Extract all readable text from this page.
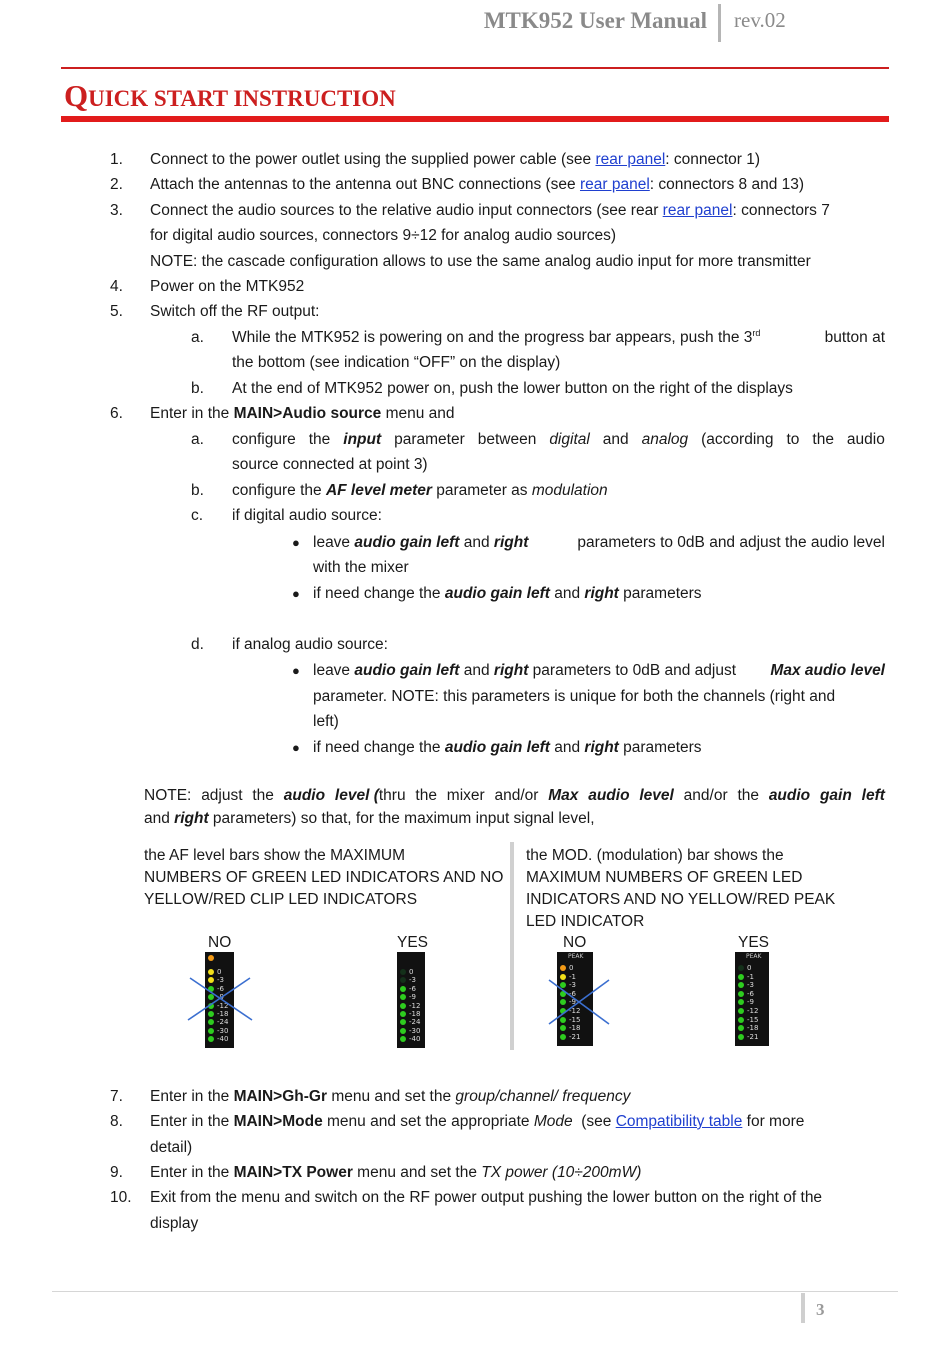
MTK952 User Manual rev.02
QUICK START INSTRUCTION
1. Connect to the power outlet using the supplied power cable (see rear panel: connector 1)
2. Attach the antennas to the antenna out BNC connections (see rear panel: connectors 8 and 13)
3. Connect the audio sources to the relative audio input connectors (see rear rear panel: connectors 7
for digital audio sources, connectors 9÷12 for analog audio sources)
NOTE: the cascade configuration allows to use the same analog audio input for more transmitter
4. Power on the MTK952
5. Switch off the RF output:
a. While the MTK952 is powering on and the progress bar appears, push the 3rd	button at
the bottom (see indication “OFF” on the display)
b. At the end of MTK952 power on, push the lower button on the right of the displays
6. Enter in the MAIN>Audio source menu and
a. configure the input parameter between digital and analog (according to the audio
source connected at point 3)
b. configure the AF level meter parameter as modulation
c. if digital audio source:
● leave audio gain left and right	parameters to 0dB and adjust the audio level
with the mixer
● if need change the audio gain left and right parameters
d. if analog audio source:
● leave audio gain left and right parameters to 0dB and adjust Max audio level
parameter. NOTE: this parameters is unique for both the channels (right and
left)
● if need change the audio gain left and right parameters
NOTE: adjust the audio level (thru the mixer and/or Max audio level and/or the audio gain left
and right parameters) so that, for the maximum input signal level,
the AF level bars show the MAXIMUM
NUMBERS OF GREEN LED INDICATORS AND NO
YELLOW/RED CLIP LED INDICATORS
NO	YES
the MOD. (modulation) bar shows the
MAXIMUM NUMBERS OF GREEN LED
INDICATORS AND NO YELLOW/RED PEAK
LED INDICATOR
NO	YES
0
-3
-6
-12
-18
-24
-30
-40
0
-3
-6
-9
-12
-18
-24
-30
-40
PEAK
0
-1
-3
-6
-9
-12
-15
-18
-21
PEAK
0
-1
-3
-6
-9
-12
-15
-18
-21
7. Enter in the MAIN>Gh-Gr menu and set the group/channel/ frequency
8. Enter in the MAIN>Mode menu and set the appropriate Mode  (see Compatibility table for more
detail)
9. Enter in the MAIN>TX Power menu and set the TX power (10÷200mW)
10. Exit from the menu and switch on the RF power output pushing the lower button on the right of the
display
3
